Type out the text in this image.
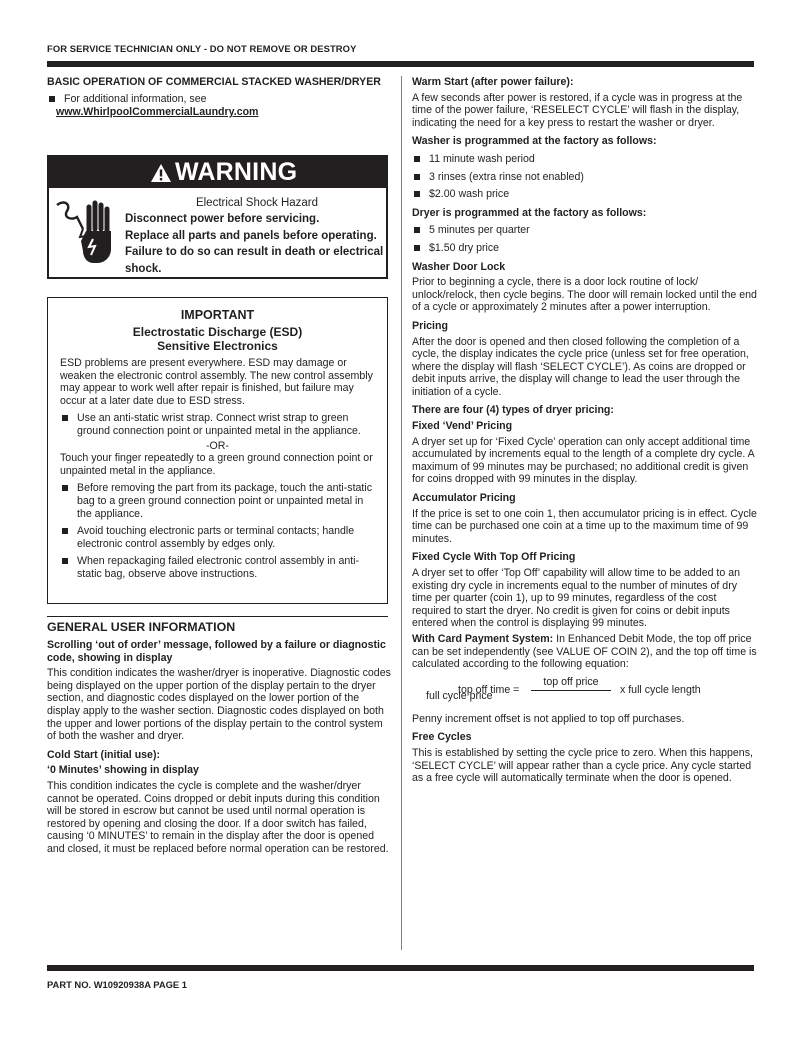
FOR SERVICE TECHNICIAN ONLY - DO NOT REMOVE OR DESTROY
BASIC OPERATION OF COMMERCIAL STACKED WASHER/DRYER
For additional information, see
www.WhirlpoolCommercialLaundry.com
WARNING
Electrical Shock Hazard
Disconnect power before servicing.
Replace all parts and panels before operating.
Failure to do so can result in death or electrical shock.
IMPORTANT
Electrostatic Discharge (ESD)
Sensitive Electronics

ESD problems are present everywhere. ESD may damage or weaken the electronic control assembly. The new control assembly may appear to work well after repair is finished, but failure may occur at a later date due to ESD stress.

Use an anti-static wrist strap. Connect wrist strap to green ground connection point or unpainted metal in the appliance.
-OR-

Touch your finger repeatedly to a green ground connection point or unpainted metal in the appliance.

Before removing the part from its package, touch the anti-static bag to a green ground connection point or unpainted metal in the appliance.
Avoid touching electronic parts or terminal contacts; handle electronic control assembly by edges only.
When repackaging failed electronic control assembly in anti-static bag, observe above instructions.
GENERAL USER INFORMATION
Scrolling ‘out of order’ message, followed by a failure or diagnostic code, showing in display

This condition indicates the washer/dryer is inoperative. Diagnostic codes being displayed on the upper portion of the display pertain to the dryer section, and diagnostic codes displayed on the lower portion of the display apply to the washer section. Diagnostic codes displayed on both the upper and lower portions of the display pertain to the control system of both the washer and dryer.

Cold Start (initial use):
‘0 Minutes’ showing in display

This condition indicates the cycle is complete and the washer/dryer cannot be operated. Coins dropped or debit inputs during this condition will be stored in escrow but cannot be used until normal operation is restored by opening and closing the door. If a door switch has failed, causing ‘0 MINUTES’ to remain in the display after the door is opened and closed, it must be replaced before normal operation can be restored.

Warm Start (after power failure):

A few seconds after power is restored, if a cycle was in progress at the time of the power failure, ‘RESELECT CYCLE’ will flash in the display, indicating the need for a key press to restart the washer or dryer.

Washer is programmed at the factory as follows:
11 minute wash period
3 rinses (extra rinse not enabled)
$2.00 wash price
Dryer is programmed at the factory as follows:
5 minutes per quarter
$1.50 dry price
Washer Door Lock

Prior to beginning a cycle, there is a door lock routine of lock/ unlock/relock, then cycle begins. The door will remain locked until the end of a cycle or approximately 2 minutes after a power interruption.

Pricing

After the door is opened and then closed following the completion of a cycle, the display indicates the cycle price (unless set for free operation, where the display will flash ‘SELECT CYCLE’). As coins are dropped or debit inputs arrive, the display will change to lead the user through the initiation of a cycle.

There are four (4) types of dryer pricing:
Fixed ‘Vend’ Pricing

A dryer set up for ‘Fixed Cycle’ operation can only accept additional time accumulated by increments equal to the length of a complete dry cycle. A maximum of 99 minutes may be purchased; no additional credit is given for coins dropped with 99 minutes in the display.

Accumulator Pricing

If the price is set to one coin 1, then accumulator pricing is in effect. Cycle time can be purchased one coin at a time up to the maximum time of 99 minutes.

Fixed Cycle With Top Off Pricing

A dryer set to offer ‘Top Off’ capability will allow time to be added to an existing dry cycle in increments equal to the number of minutes of dry time per quarter (coin 1), up to 99 minutes, regardless of the cost required to start the dryer. No credit is given for coins or debit inputs entered when the control is displaying 99 minutes.

With Card Payment System: In Enhanced Debit Mode, the top off price can be set independently (see VALUE OF COIN 2), and the top off time is calculated according to the following equation:

top off price
top off time =	x full cycle length
full cycle price

Penny increment offset is not applied to top off purchases.

Free Cycles

This is established by setting the cycle price to zero. When this happens, ‘SELECT CYCLE’ will appear rather than a cycle price. Any cycle started as a free cycle will automatically terminate when the door is opened.

PART NO. W10920938A PAGE 1
